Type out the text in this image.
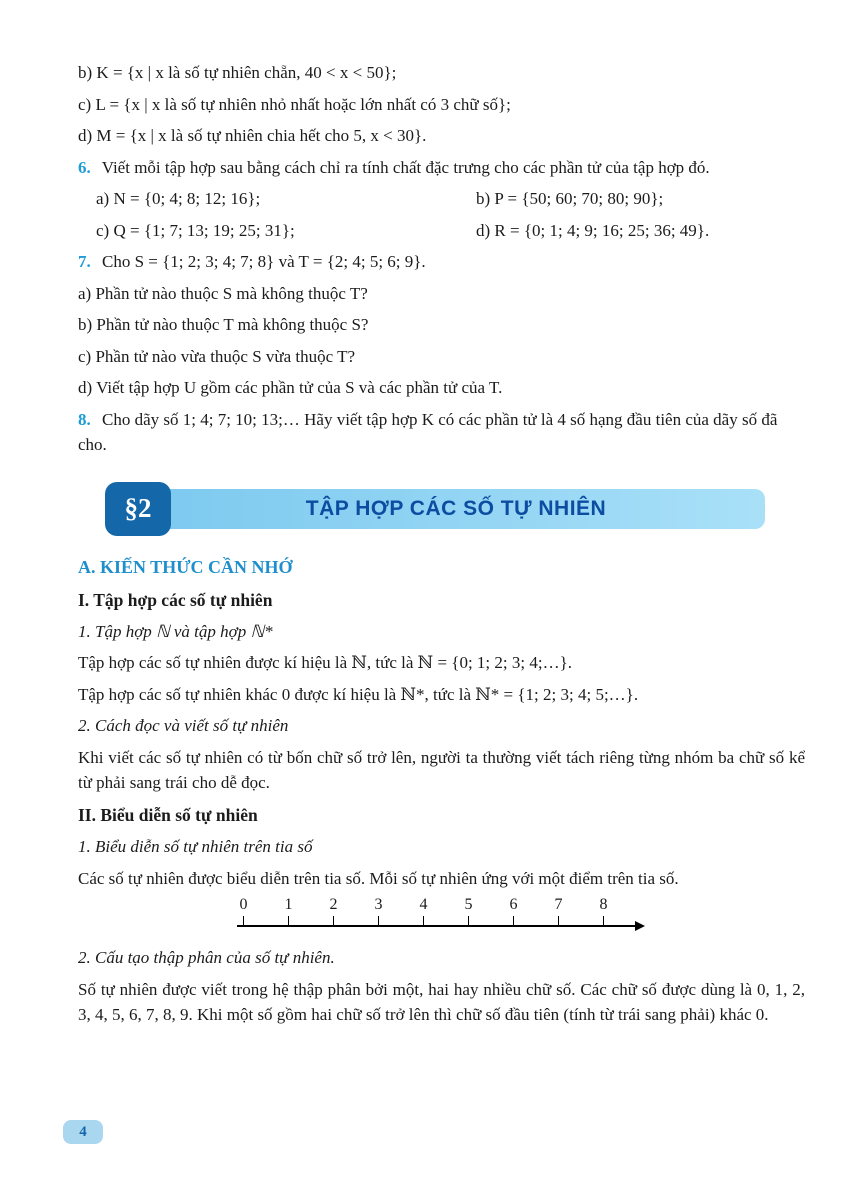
b) K = {x | x là số tự nhiên chẵn, 40 < x < 50};

c) L = {x | x là số tự nhiên nhỏ nhất hoặc lớn nhất có 3 chữ số};

d) M = {x | x là số tự nhiên chia hết cho 5, x < 30}.

6. Viết mỗi tập hợp sau bằng cách chỉ ra tính chất đặc trưng cho các phần tử của tập hợp đó.

a) N = {0; 4; 8; 12; 16};	b) P = {50; 60; 70; 80; 90};

c) Q = {1; 7; 13; 19; 25; 31};	d) R = {0; 1; 4; 9; 16; 25; 36; 49}.

7. Cho S = {1; 2; 3; 4; 7; 8} và T = {2; 4; 5; 6; 9}.

a) Phần tử nào thuộc S mà không thuộc T?

b) Phần tử nào thuộc T mà không thuộc S?

c) Phần tử nào vừa thuộc S vừa thuộc T?

d) Viết tập hợp U gồm các phần tử của S và các phần tử của T.

8. Cho dãy số 1; 4; 7; 10; 13;… Hãy viết tập hợp K có các phần tử là 4 số hạng đầu tiên của dãy số đã cho.

§2	TẬP HỢP CÁC SỐ TỰ NHIÊN

A. KIẾN THỨC CẦN NHỚ

I. Tập hợp các số tự nhiên

1. Tập hợp ℕ và tập hợp ℕ*

Tập hợp các số tự nhiên được kí hiệu là ℕ, tức là ℕ = {0; 1; 2; 3; 4;…}.

Tập hợp các số tự nhiên khác 0 được kí hiệu là ℕ*, tức là ℕ* = {1; 2; 3; 4; 5;…}.

2. Cách đọc và viết số tự nhiên

Khi viết các số tự nhiên có từ bốn chữ số trở lên, người ta thường viết tách riêng từng nhóm ba chữ số kể từ phải sang trái cho dễ đọc.

II. Biểu diễn số tự nhiên

1. Biểu diễn số tự nhiên trên tia số

Các số tự nhiên được biểu diễn trên tia số. Mỗi số tự nhiên ứng với một điểm trên tia số.

0 1 2 3 4 5 6 7 8

2. Cấu tạo thập phân của số tự nhiên.

Số tự nhiên được viết trong hệ thập phân bởi một, hai hay nhiều chữ số. Các chữ số được dùng là 0, 1, 2, 3, 4, 5, 6, 7, 8, 9. Khi một số gồm hai chữ số trở lên thì chữ số đầu tiên (tính từ trái sang phải) khác 0.

4
